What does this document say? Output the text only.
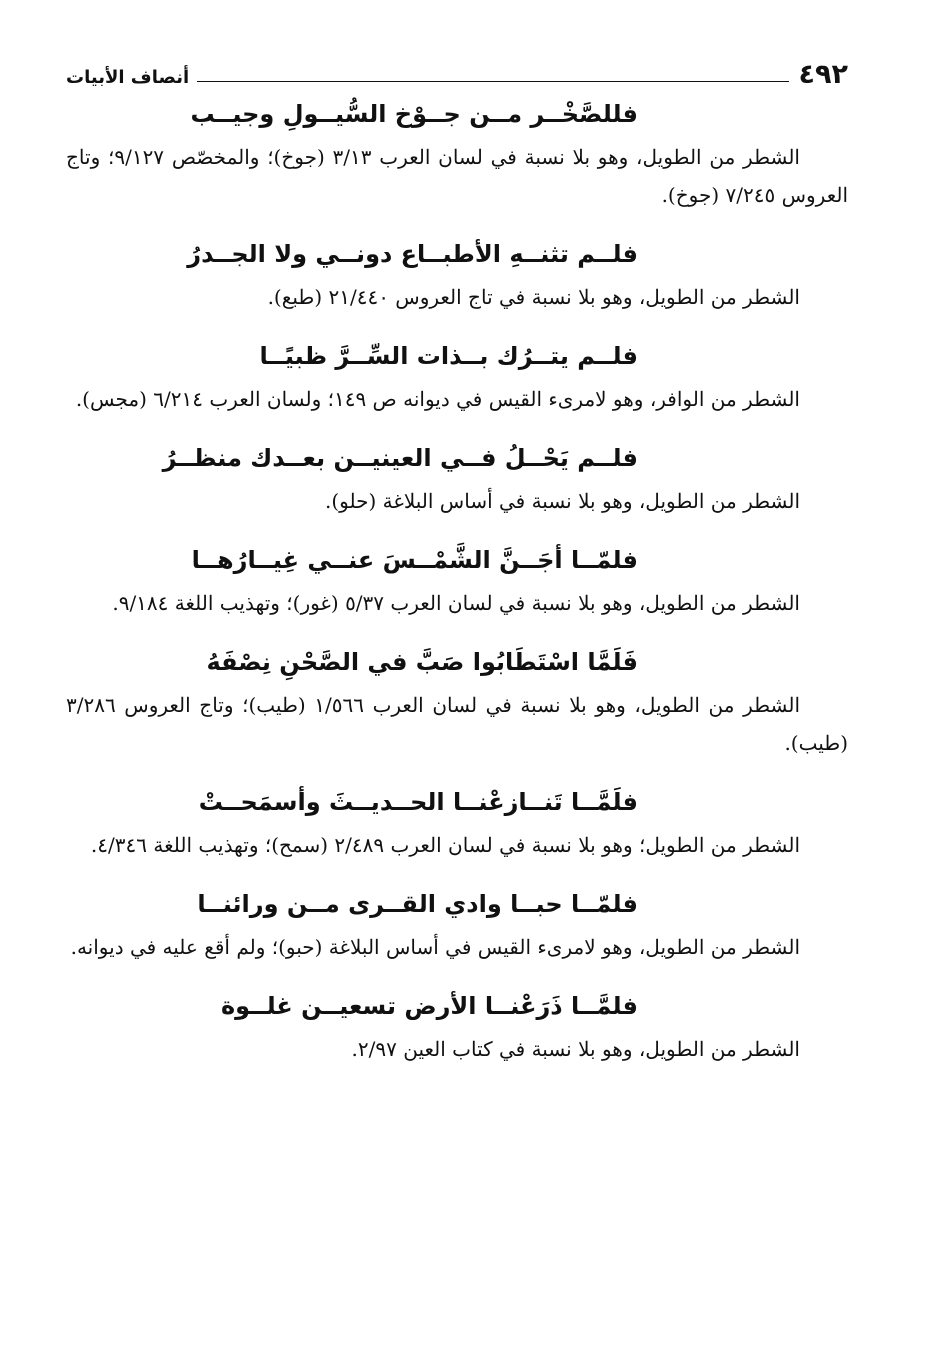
٤٩٢
أنصاف الأبيات
فللصَّخْــر مــن جــوْخ السُّيــولِ وجيــب
الشطر من الطويل، وهو بلا نسبة في لسان العرب ٣/١٣ (جوخ)؛ والمخصّص ٩/١٢٧؛ وتاج العروس ٧/٢٤٥ (جوخ).
فلــم تثنــهِ الأطبــاع دونــي ولا الجــدرُ
الشطر من الطويل، وهو بلا نسبة في تاج العروس ٢١/٤٤٠ (طبع).
فلــم يتــرُك بــذات السِّــرَّ ظبيًــا
الشطر من الوافر، وهو لامرىء القيس في ديوانه ص ١٤٩؛ ولسان العرب ٦/٢١٤ (مجس).
فلــم يَحْــلُ فــي العينيــن بعــدك منظــرُ
الشطر من الطويل، وهو بلا نسبة في أساس البلاغة (حلو).
فلمّــا أجَــنَّ الشَّمْــسَ عنــي غِيــارُهــا
الشطر من الطويل، وهو بلا نسبة في لسان العرب ٥/٣٧ (غور)؛ وتهذيب اللغة ٩/١٨٤.
فَلَمَّا اسْتَطَابُوا صَبَّ في الصَّحْنِ نِصْفَهُ
الشطر من الطويل، وهو بلا نسبة في لسان العرب ١/٥٦٦ (طيب)؛ وتاج العروس ٣/٢٨٦ (طيب).
فلَمَّــا تَنــازعْنــا الحــديــثَ وأسمَحــتْ
الشطر من الطويل؛ وهو بلا نسبة في لسان العرب ٢/٤٨٩ (سمح)؛ وتهذيب اللغة ٤/٣٤٦.
فلمّــا حبــا وادي القــرى مــن ورائنــا
الشطر من الطويل، وهو لامرىء القيس في أساس البلاغة (حبو)؛ ولم أقع عليه في ديوانه.
فلمَّــا ذَرَعْنــا الأرض تسعيــن غلــوة
الشطر من الطويل، وهو بلا نسبة في كتاب العين ٢/٩٧.
